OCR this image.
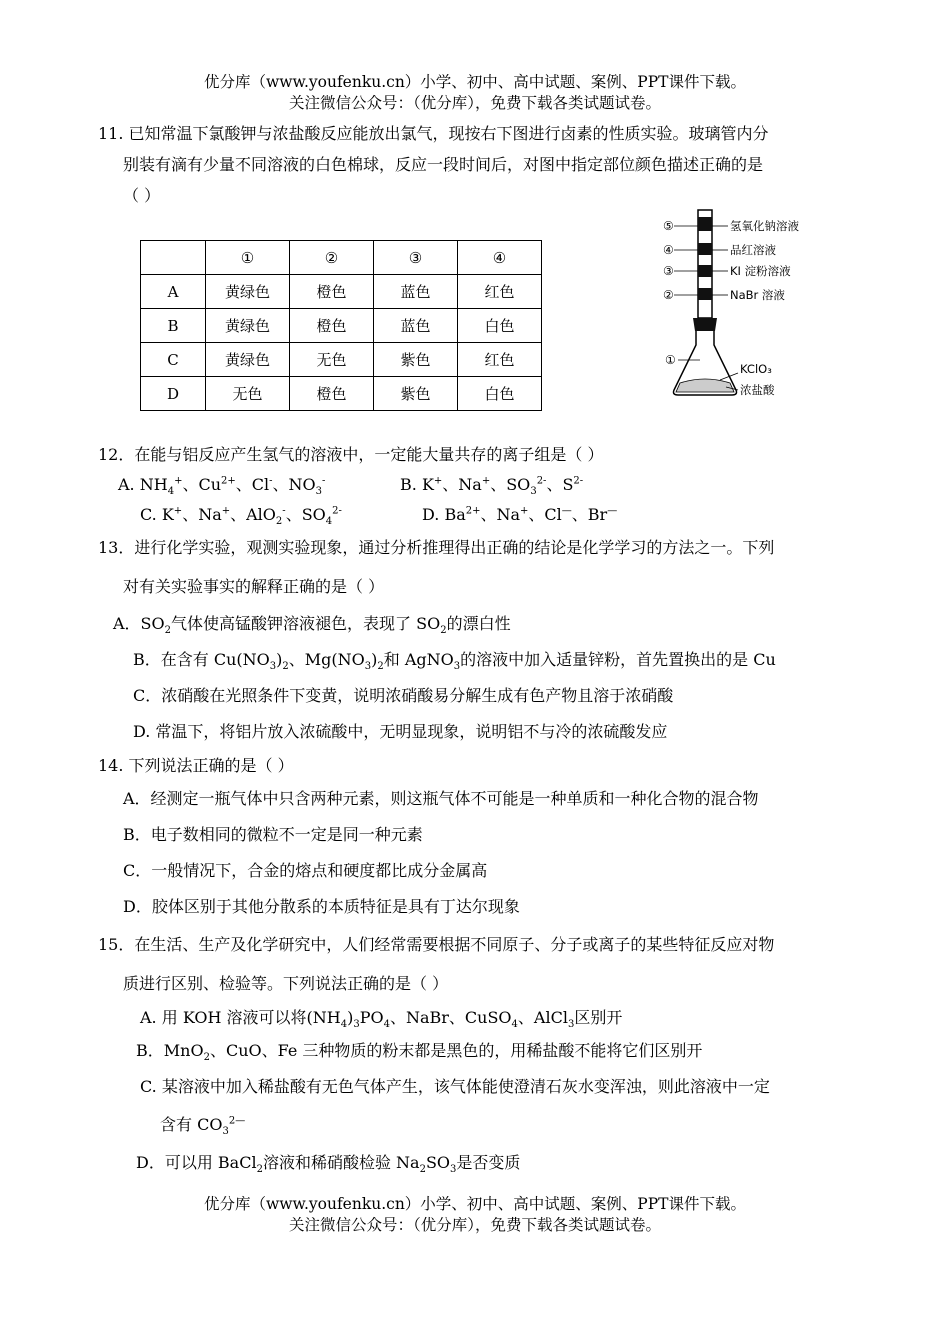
优分库（www.youfenku.cn）小学、初中、高中试题、案例、PPT课件下载。
关注微信公众号：（优分库），免费下载各类试题试卷。
11. 已知常温下氯酸钾与浓盐酸反应能放出氯气，现按右下图进行卤素的性质实验。玻璃管内分
别装有滴有少量不同溶液的白色棉球，反应一段时间后，对图中指定部位颜色描述正确的是
（ ）
	①	②	③	④
A	黄绿色	橙色	蓝色	红色
B	黄绿色	橙色	蓝色	白色
C	黄绿色	无色	紫色	红色
D	无色	橙色	紫色	白色
⑤	氢氧化钠溶液
④	品红溶液
③	KI 淀粉溶液
②	NaBr 溶液
①
KClO₃
浓盐酸
12．在能与铝反应产生氢气的溶液中，一定能大量共存的离子组是（ ）
A. $NH_4^+$、$Cu^{2+}$、Cl-、$NO_3^-$	B. K+、Na+、$SO_3^{2-}$、$S^{2-}$
C. K+、Na+、AlO$_2$-、$SO_4^{2-}$	D. $Ba^{2+}$、Na+、Cl—、Br—
13．进行化学实验，观测实验现象，通过分析推理得出正确的结论是化学学习的方法之一。下列
对有关实验事实的解释正确的是（ ）
A．$SO_2$气体使高锰酸钾溶液褪色，表现了 $SO_2$的漂白性
B．在含有 $Cu(NO_3)_2$、$Mg(NO_3)_2$和 AgNO$_3$的溶液中加入适量锌粉，首先置换出的是 Cu
C．浓硝酸在光照条件下变黄，说明浓硝酸易分解生成有色产物且溶于浓硝酸
D. 常温下，将铝片放入浓硫酸中，无明显现象，说明铝不与冷的浓硫酸发应
14. 下列说法正确的是（ ）
A．经测定一瓶气体中只含两种元素，则这瓶气体不可能是一种单质和一种化合物的混合物
B．电子数相同的微粒不一定是同一种元素
C．一般情况下，合金的熔点和硬度都比成分金属高
D．胶体区别于其他分散系的本质特征是具有丁达尔现象
15．在生活、生产及化学研究中，人们经常需要根据不同原子、分子或离子的某些特征反应对物
质进行区别、检验等。下列说法正确的是（ ）
A. 用 KOH 溶液可以将$(NH_4)_3PO_4$、NaBr、CuSO$_4$、AlCl$_3$区别开
B．MnO$_2$、CuO、Fe 三种物质的粉末都是黑色的，用稀盐酸不能将它们区别开
C. 某溶液中加入稀盐酸有无色气体产生，该气体能使澄清石灰水变浑浊，则此溶液中一定
含有 $CO_3^{2—}$
D．可以用 BaCl$_2$溶液和稀硝酸检验 $Na_2SO_3$是否变质
优分库（www.youfenku.cn）小学、初中、高中试题、案例、PPT课件下载。
关注微信公众号：（优分库），免费下载各类试题试卷。
